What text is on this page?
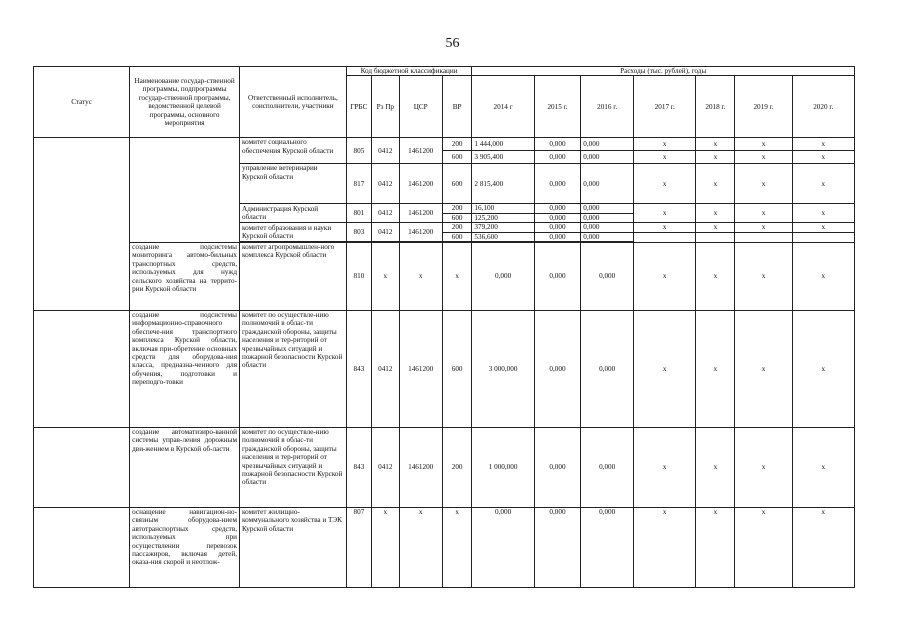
56
Статус	Наименование государ-ственной программы, подпрограммы государ-ственной программы, ведомственной целевой программы, основного мероприятия	Ответственный исполнитель, соисполнители, участники	Код бюджетной классификации				Расходы (тыс. рублей), годы						
			ГРБС	Рз Пр	ЦСР	ВР	2014 г	2015 г.	2016 г.	2017 г.	2018 г.	2019 г.	2020 г.
		комитет социального обеспечения Курской области	805	0412	1461200	200	1 444,000	0,000	0,000	x	x	x	x
						600	3 905,400	0,000	0,000	x	x	x	x
		управление ветеринарии Курской области	817	0412	1461200	600	2 815,400	0,000	0,000	x	x	x	x
		Администрация Курской области	801	0412	1461200	200	16,100	0,000	0,000	x	x	x	x
						600	125,200	0,000	0,000				
		комитет образования и науки Курской области	803	0412	1461200	200	379,200	0,000	0,000	x	x	x	x
						600	536,600	0,000	0,000				

	создание подсистемы мониторинга автомо-бильных транспортных средств, используемых для нужд сельского хозяйства на террито-рии Курской области	комитет агропромышлен-ного комплекса Курской области	810	x	x	x	0,000	0,000	0,000	x	x	x	x
	создание подсистемы информационно-справочного обеспече-ния транспортного комплекса Курской области, включая при-обретение основных средств для оборудова-ния класса, предназна-ченного для обучения, подготовки и переподго-товки	комитет по осуществле-нию полномочий в облас-ти гражданской обороны, защиты населения и тер-риторий от чрезвычайных ситуаций и пожарной безопасности Курской области	843	0412	1461200	600	3 000,000	0,000	0,000	x	x	x	x
	создание автоматизиро-ванной системы управ-ления дорожным дви-жением в Курской об-ласти	комитет по осуществле-нию полномочий в облас-ти гражданской обороны, защиты населения и тер-риторий от чрезвычайных ситуаций и пожарной безопасности Курской области	843	0412	1461200	200	1 000,000	0,000	0,000	x	x	x	x
	оснащение навигацион-но-связным оборудова-нием автотранспортных средств, используемых при осуществлении перевозок пассажиров, включая детей, оказа-ния скорой и неотлож-	комитет жилищно-коммунального хозяйства и ТЭК Курской области	807	x	x	x	0,000	0,000	0,000	x	x	x	x
